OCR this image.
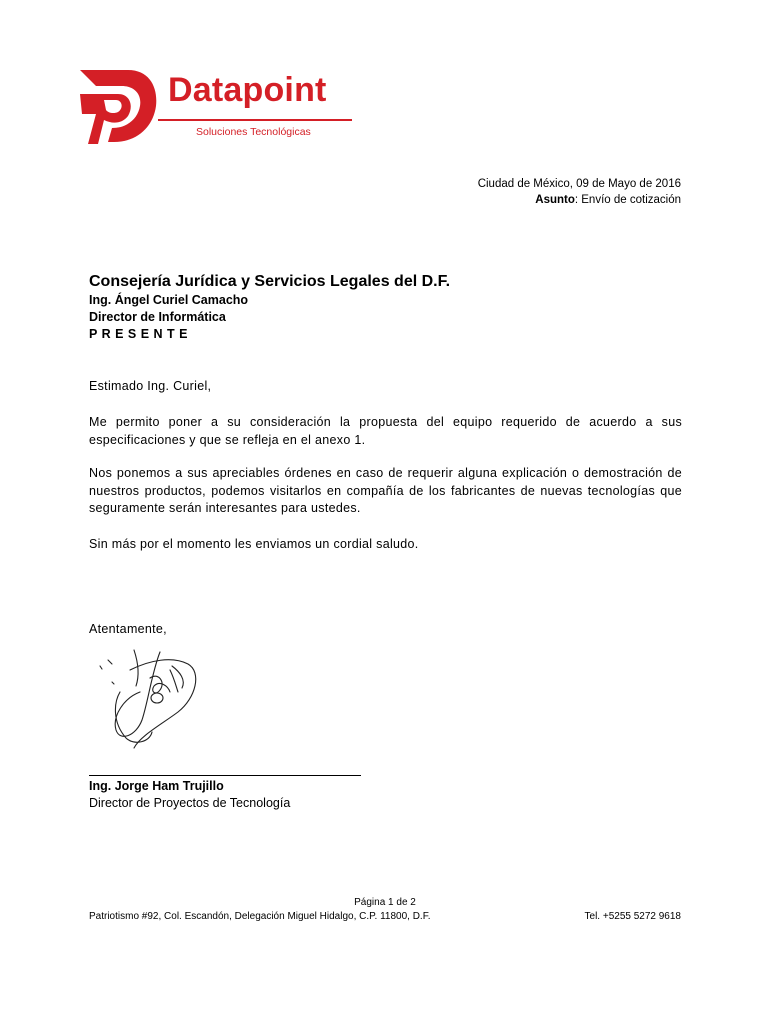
Datapoint
Soluciones Tecnológicas
Ciudad de México, 09 de Mayo de 2016
Asunto: Envío de cotización
Consejería Jurídica y Servicios Legales del D.F.
Ing. Ángel Curiel Camacho
Director de Informática
P R E S E N T E
Estimado Ing. Curiel,
Me permito poner a su consideración la propuesta del equipo requerido de acuerdo a sus especificaciones y que se refleja en el anexo 1.
Nos ponemos a sus apreciables órdenes en caso de requerir alguna explicación o demostración de nuestros productos, podemos visitarlos en compañía de los fabricantes de nuevas tecnologías que seguramente serán interesantes para ustedes.
Sin más por el momento les enviamos un cordial saludo.
Atentamente,
Ing. Jorge Ham Trujillo
Director de Proyectos de Tecnología
Página 1 de 2
Patriotismo #92, Col. Escandón, Delegación Miguel Hidalgo, C.P. 11800, D.F.	Tel. +5255 5272 9618
